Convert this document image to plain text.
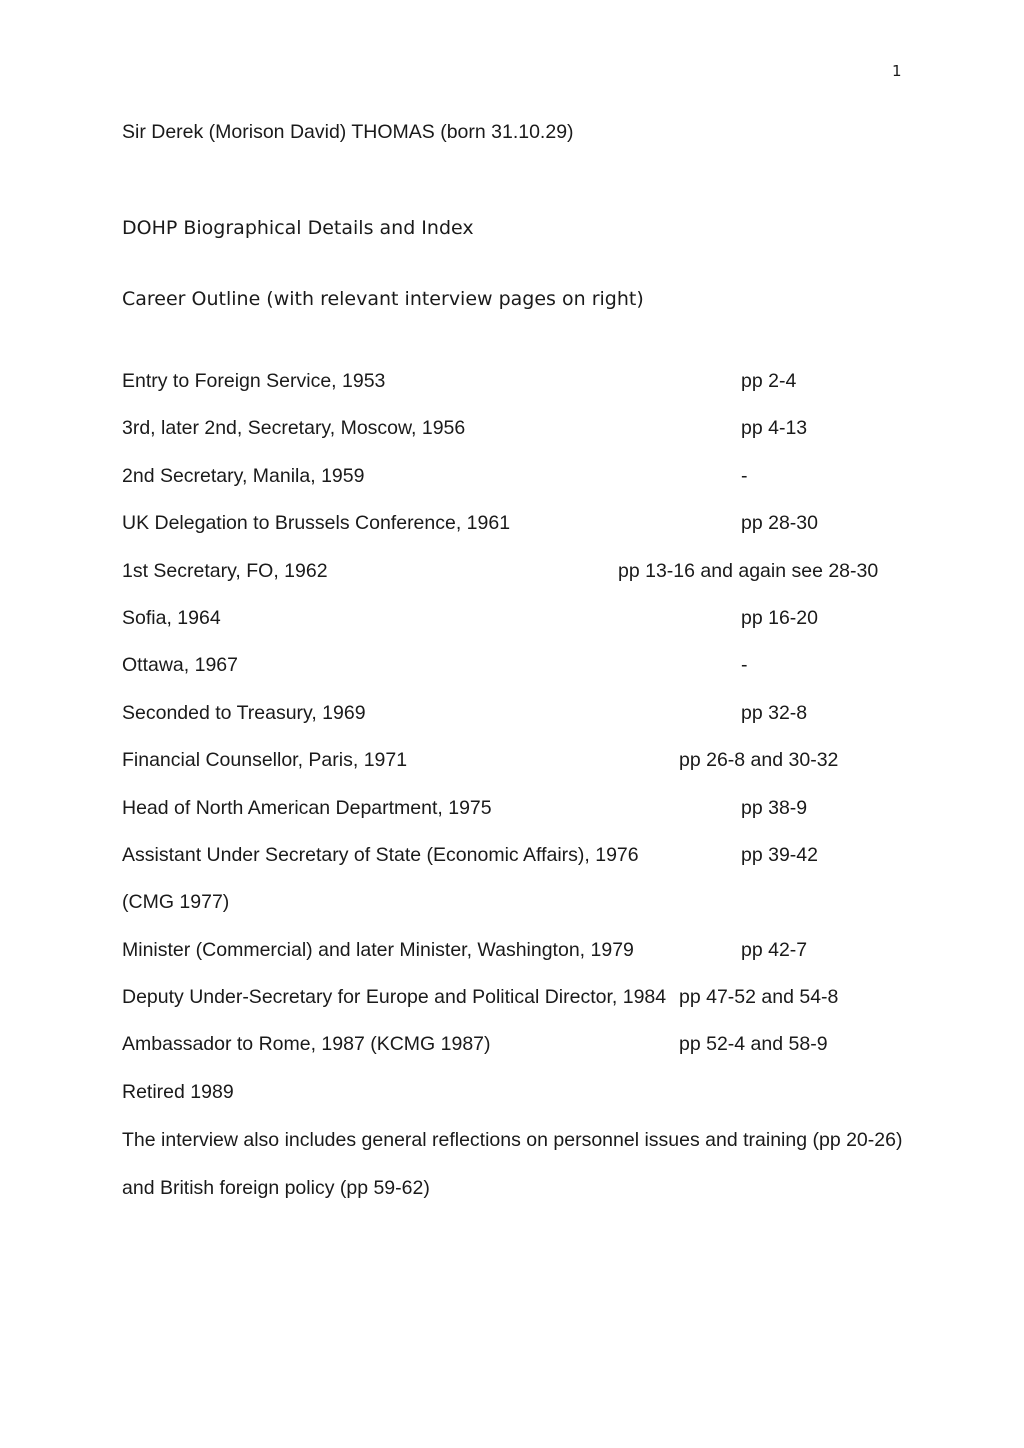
1
Sir Derek (Morison David) THOMAS (born 31.10.29)
DOHP Biographical Details and Index
Career Outline (with relevant interview pages on right)
Entry to Foreign Service, 1953	pp 2-4
3rd, later 2nd, Secretary, Moscow, 1956	pp 4-13
2nd Secretary, Manila, 1959	-
UK Delegation to Brussels Conference, 1961	pp 28-30
1st Secretary, FO, 1962	pp 13-16 and again see 28-30
Sofia, 1964	pp 16-20
Ottawa, 1967	-
Seconded to Treasury, 1969	pp 32-8
Financial Counsellor, Paris, 1971	pp 26-8 and 30-32
Head of North American Department, 1975	pp 38-9
Assistant Under Secretary of State (Economic Affairs), 1976	pp 39-42
(CMG 1977)
Minister (Commercial) and later Minister, Washington, 1979	pp 42-7
Deputy Under-Secretary for Europe and Political Director, 1984 pp 47-52 and 54-8
Ambassador to Rome, 1987 (KCMG 1987)	pp 52-4 and 58-9
Retired 1989
The interview also includes general reflections on personnel issues and training (pp 20-26)
and British foreign policy (pp 59-62)
